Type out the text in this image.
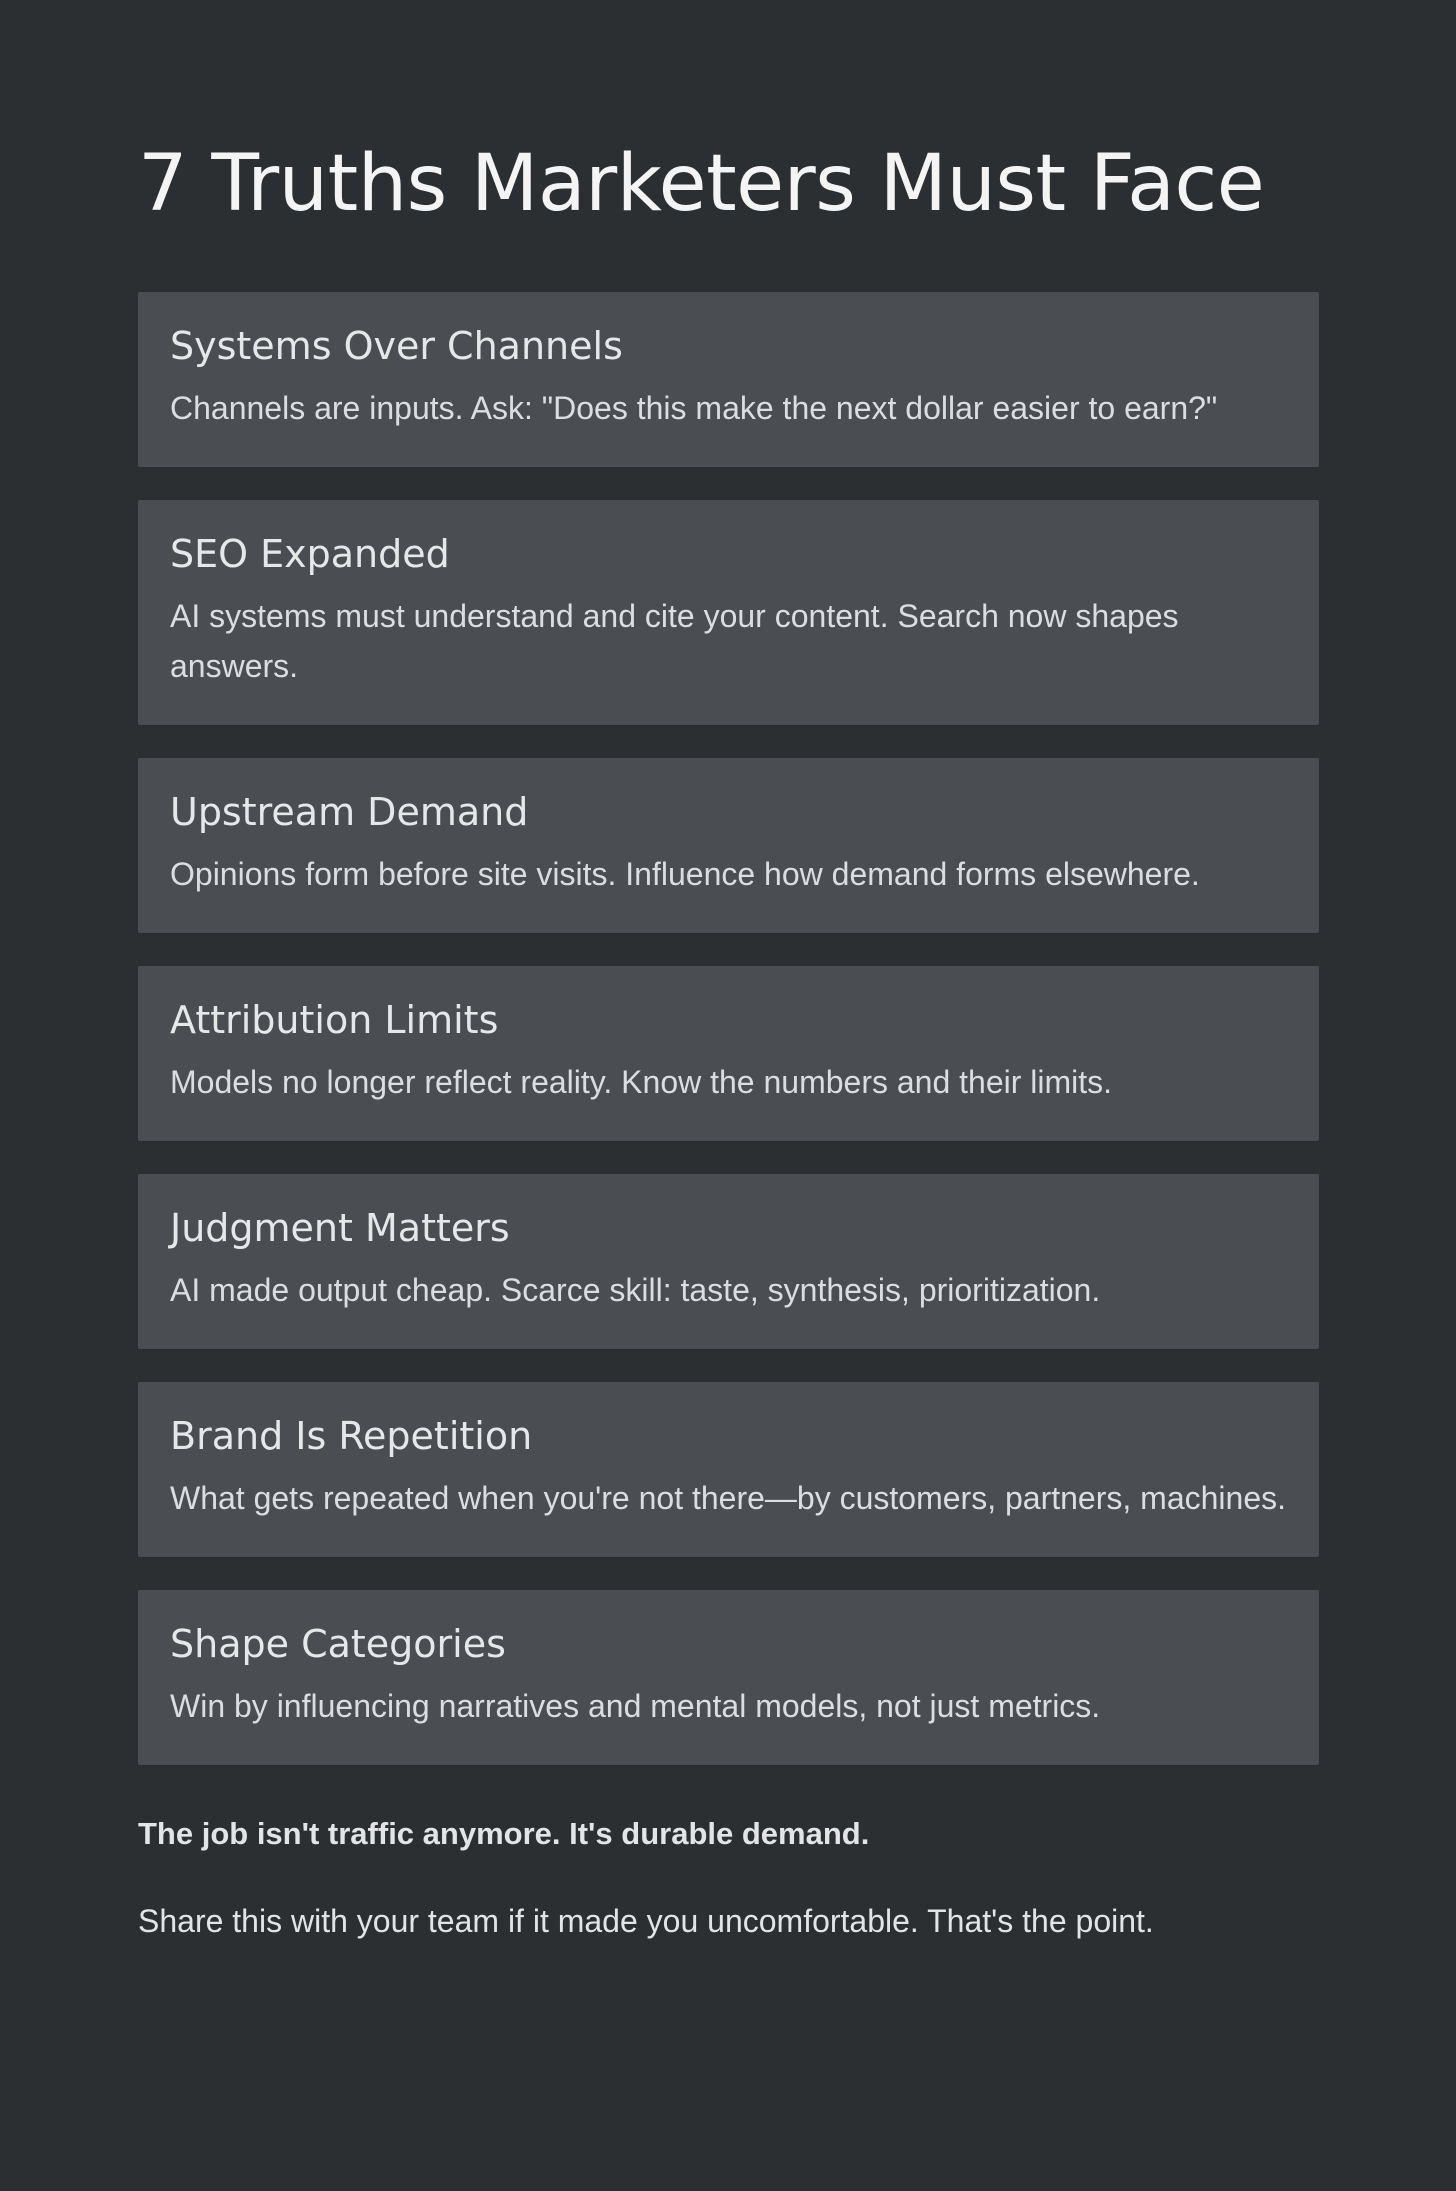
7 Truths Marketers Must Face
Systems Over Channels

Channels are inputs. Ask: "Does this make the next dollar easier to earn?"

SEO Expanded

AI systems must understand and cite your content. Search now shapes answers.

Upstream Demand

Opinions form before site visits. Influence how demand forms elsewhere.

Attribution Limits

Models no longer reflect reality. Know the numbers and their limits.

Judgment Matters

AI made output cheap. Scarce skill: taste, synthesis, prioritization.

Brand Is Repetition

What gets repeated when you're not there—by customers, partners, machines.

Shape Categories

Win by influencing narratives and mental models, not just metrics.

The job isn't traffic anymore. It's durable demand.

Share this with your team if it made you uncomfortable. That's the point.
